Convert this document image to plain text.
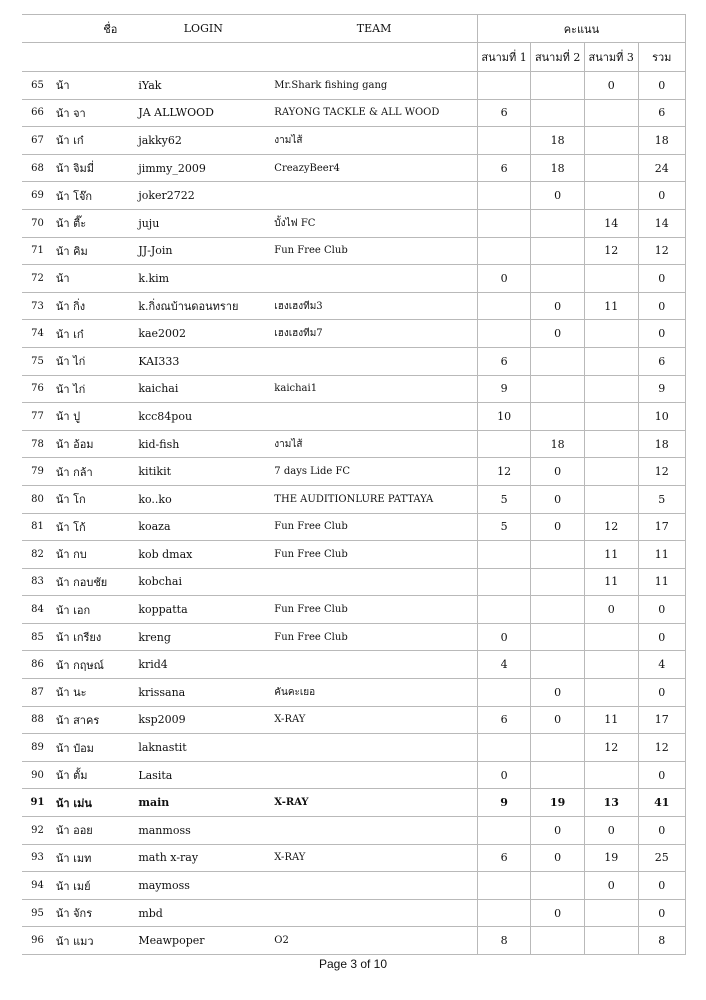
ชื่อ		LOGIN	TEAM	คะแนน			
				สนามที่ 1	สนามที่ 2	สนามที่ 3	รวม
65	น้า	iYak	Mr.Shark fishing gang			0	0
66	น้า จา	JA ALLWOOD	RAYONG TACKLE & ALL WOOD	6			6
67	น้า เก๋	jakky62	งามไส้		18		18
68	น้า จิมมี่	jimmy_2009	CreazyBeer4	6	18		24
69	น้า โจ๊ก	joker2722			0		0
70	น้า ตี๊ะ	juju	บั้งไฟ FC			14	14
71	น้า คิม	JJ-Join	Fun Free Club			12	12
72	น้า	k.kim		0			0
73	น้า กิ่ง	k.กิ่งณบ้านดอนทราย	เฮงเฮงทีม3		0	11	0
74	น้า เก๋	kae2002	เฮงเฮงทีม7		0		0
75	น้า ไก่	KAI333		6			6
76	น้า ไก่	kaichai	kaichai1	9			9
77	น้า ปู	kcc84pou		10			10
78	น้า อ้อม	kid-fish	งามไส้		18		18
79	น้า กล้า	kitikit	7 days Lide FC	12	0		12
80	น้า โก	ko..ko	THE AUDITIONLURE PATTAYA	5	0		5
81	น้า โก้	koaza	Fun Free Club	5	0	12	17
82	น้า กบ	kob dmax	Fun Free Club			11	11
83	น้า กอบชัย	kobchai				11	11
84	น้า เอก	koppatta	Fun Free Club			0	0
85	น้า เกรียง	kreng	Fun Free Club	0			0
86	น้า กฤษณ์	krid4		4			4
87	น้า นะ	krissana	คันคะเยอ		0		0
88	น้า สาคร	ksp2009	X-RAY	6	0	11	17
89	น้า ป๋อม	laknastit				12	12
90	น้า ตั้ม	Lasita		0			0
91	น้า เม่น	main	X-RAY	9	19	13	41
92	น้า ออย	manmoss			0	0	0
93	น้า เมท	math x-ray	X-RAY	6	0	19	25
94	น้า เมย์	maymoss				0	0
95	น้า จักร	mbd			0		0
96	น้า แมว	Meawpoper	O2	8			8
Page 3 of 10
